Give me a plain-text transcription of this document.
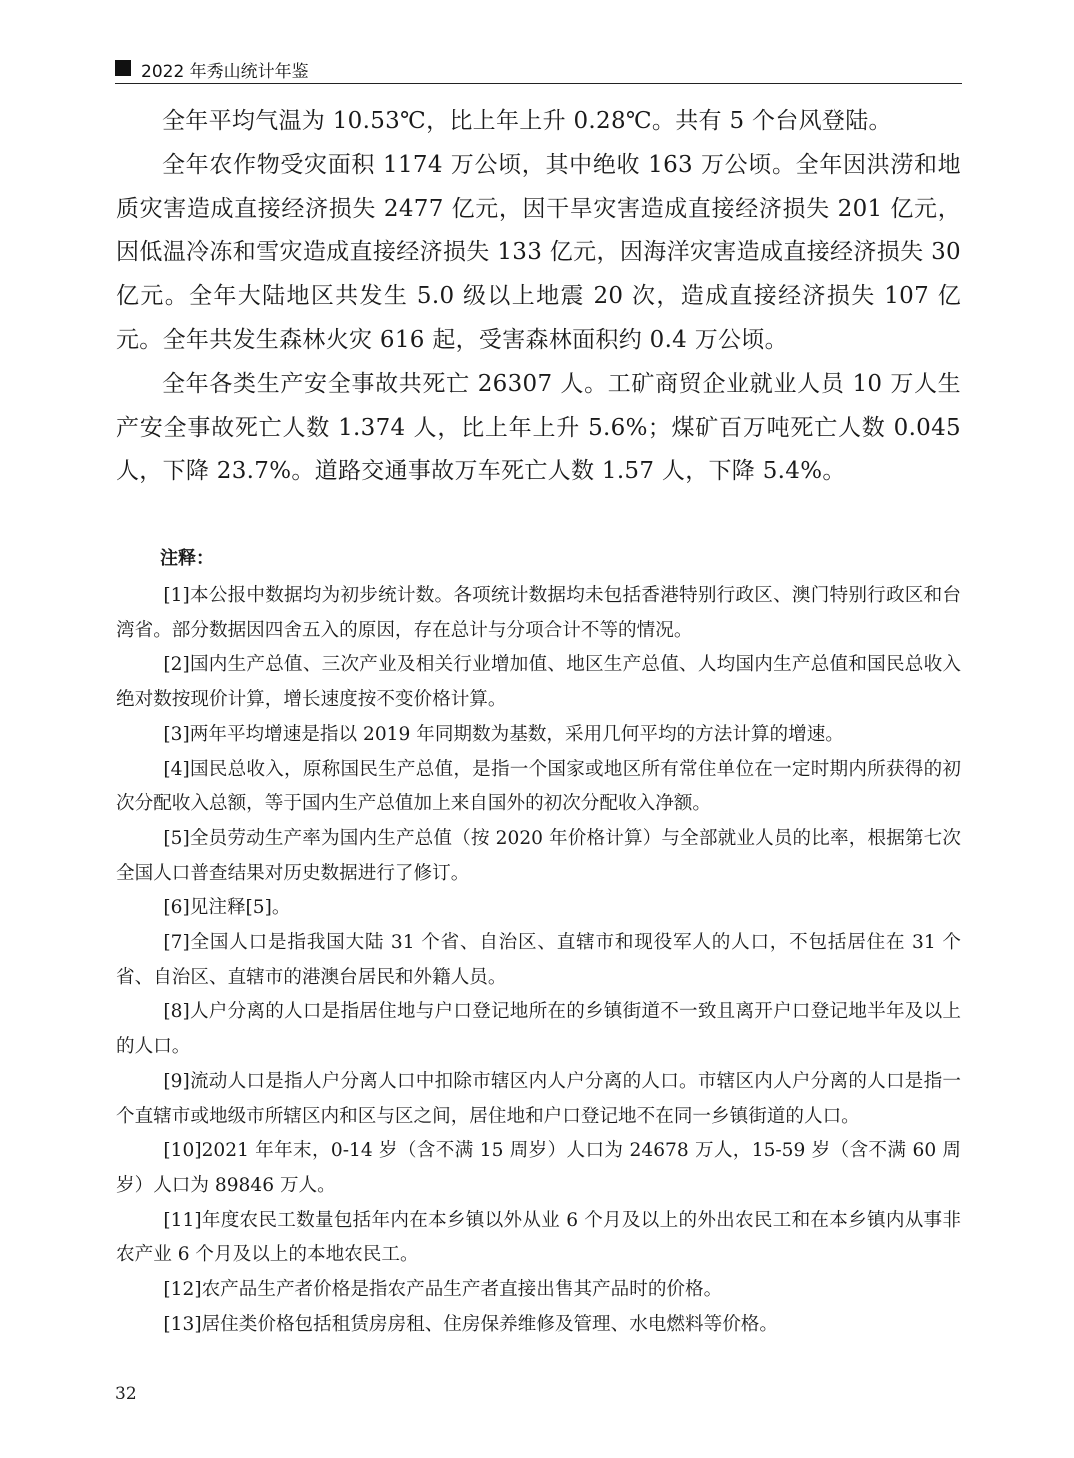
2022 年秀山统计年鉴

全年平均气温为 10.53℃，比上年上升 0.28℃。共有 5 个台风登陆。

全年农作物受灾面积 1174 万公顷，其中绝收 163 万公顷。全年因洪涝和地质灾害造成直接经济损失 2477 亿元，因干旱灾害造成直接经济损失 201 亿元，因低温冷冻和雪灾造成直接经济损失 133 亿元，因海洋灾害造成直接经济损失 30 亿元。全年大陆地区共发生 5.0 级以上地震 20 次，造成直接经济损失 107 亿元。全年共发生森林火灾 616 起，受害森林面积约 0.4 万公顷。

全年各类生产安全事故共死亡 26307 人。工矿商贸企业就业人员 10 万人生产安全事故死亡人数 1.374 人，比上年上升 5.6%；煤矿百万吨死亡人数 0.045 人，下降 23.7%。道路交通事故万车死亡人数 1.57 人，下降 5.4%。

注释：

[1]本公报中数据均为初步统计数。各项统计数据均未包括香港特别行政区、澳门特别行政区和台湾省。部分数据因四舍五入的原因，存在总计与分项合计不等的情况。

[2]国内生产总值、三次产业及相关行业增加值、地区生产总值、人均国内生产总值和国民总收入绝对数按现价计算，增长速度按不变价格计算。

[3]两年平均增速是指以 2019 年同期数为基数，采用几何平均的方法计算的增速。

[4]国民总收入，原称国民生产总值，是指一个国家或地区所有常住单位在一定时期内所获得的初次分配收入总额，等于国内生产总值加上来自国外的初次分配收入净额。

[5]全员劳动生产率为国内生产总值（按 2020 年价格计算）与全部就业人员的比率，根据第七次全国人口普查结果对历史数据进行了修订。

[6]见注释[5]。

[7]全国人口是指我国大陆 31 个省、自治区、直辖市和现役军人的人口，不包括居住在 31 个省、自治区、直辖市的港澳台居民和外籍人员。

[8]人户分离的人口是指居住地与户口登记地所在的乡镇街道不一致且离开户口登记地半年及以上的人口。

[9]流动人口是指人户分离人口中扣除市辖区内人户分离的人口。市辖区内人户分离的人口是指一个直辖市或地级市所辖区内和区与区之间，居住地和户口登记地不在同一乡镇街道的人口。

[10]2021 年年末，0-14 岁（含不满 15 周岁）人口为 24678 万人，15-59 岁（含不满 60 周岁）人口为 89846 万人。

[11]年度农民工数量包括年内在本乡镇以外从业 6 个月及以上的外出农民工和在本乡镇内从事非农产业 6 个月及以上的本地农民工。

[12]农产品生产者价格是指农产品生产者直接出售其产品时的价格。

[13]居住类价格包括租赁房房租、住房保养维修及管理、水电燃料等价格。

32
